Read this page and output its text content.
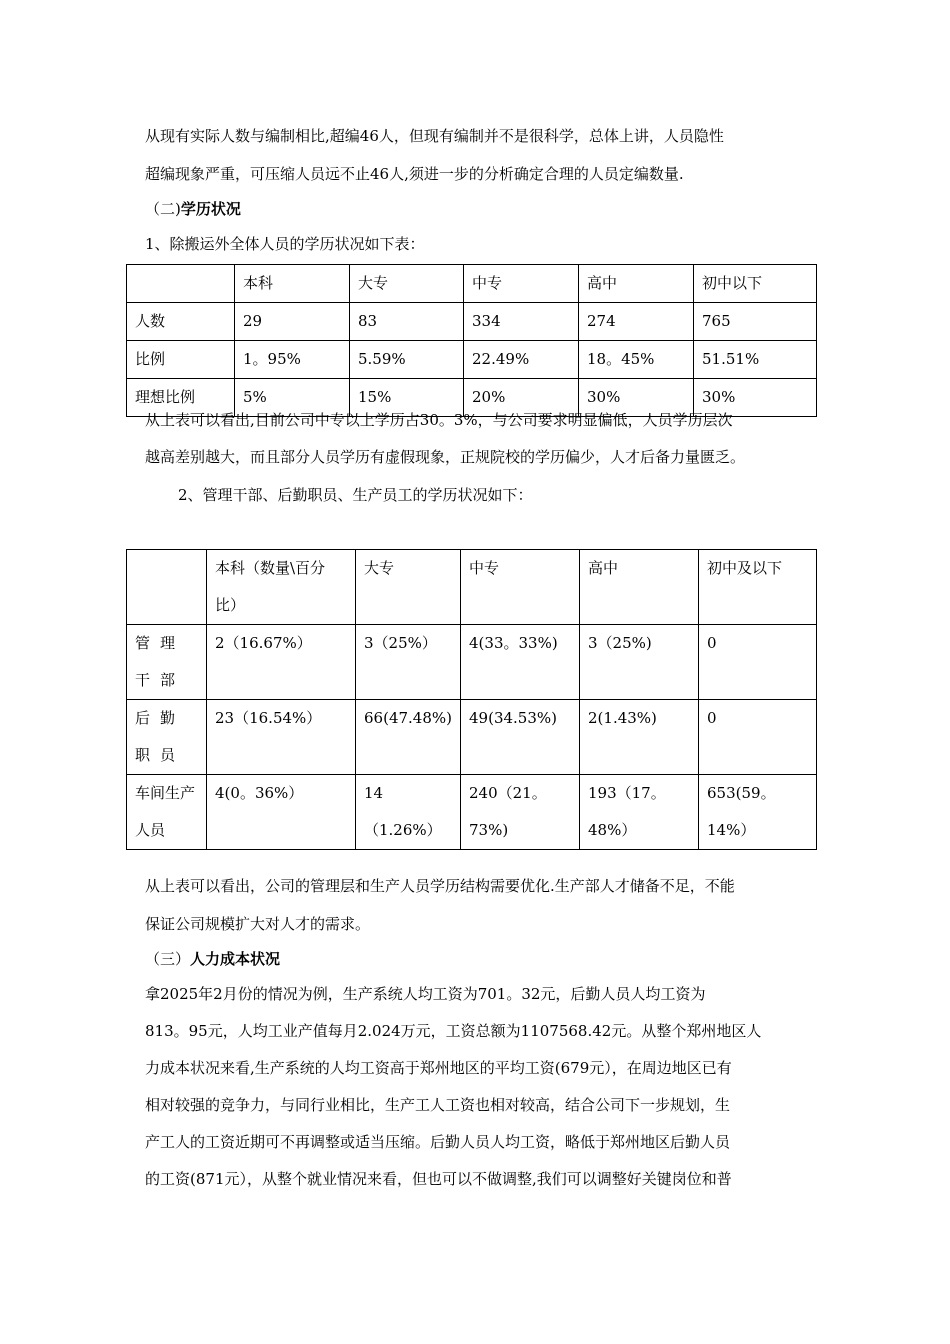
从现有实际人数与编制相比,超编46人，但现有编制并不是很科学，总体上讲，人员隐性
超编现象严重，可压缩人员远不止46人,须进一步的分析确定合理的人员定编数量.
（二)学历状况
1、除搬运外全体人员的学历状况如下表：
	本科	大专	中专	高中	初中以下
人数	29	83	334	274	765
比例	1。95%	5.59%	22.49%	18。45%	51.51%
理想比例	5%	15%	20%	30%	30%
从上表可以看出,目前公司中专以上学历占30。3%，与公司要求明显偏低，人员学历层次
越高差别越大，而且部分人员学历有虚假现象，正规院校的学历偏少，人才后备力量匮乏。
2、管理干部、后勤职员、生产员工的学历状况如下：
	本科（数量\百分比）	大专	中专	高中	初中及以下
管理干部	2（16.67%）	3（25%）	4(33。33%)	3（25%)	0
后勤职员	23（16.54%）	66(47.48%)	49(34.53%)	2(1.43%)	0
车间生产人员	4(0。36%）	14（1.26%）	240（21。73%)	193（17。48%）	653(59。14%）
从上表可以看出，公司的管理层和生产人员学历结构需要优化.生产部人才储备不足，不能
保证公司规模扩大对人才的需求。
（三）人力成本状况
拿2025年2月份的情况为例，生产系统人均工资为701。32元，后勤人员人均工资为
813。95元，人均工业产值每月2.024万元，工资总额为1107568.42元。从整个郑州地区人
力成本状况来看,生产系统的人均工资高于郑州地区的平均工资(679元），在周边地区已有
相对较强的竞争力，与同行业相比，生产工人工资也相对较高，结合公司下一步规划，生
产工人的工资近期可不再调整或适当压缩。后勤人员人均工资，略低于郑州地区后勤人员
的工资(871元），从整个就业情况来看，但也可以不做调整,我们可以调整好关键岗位和普
